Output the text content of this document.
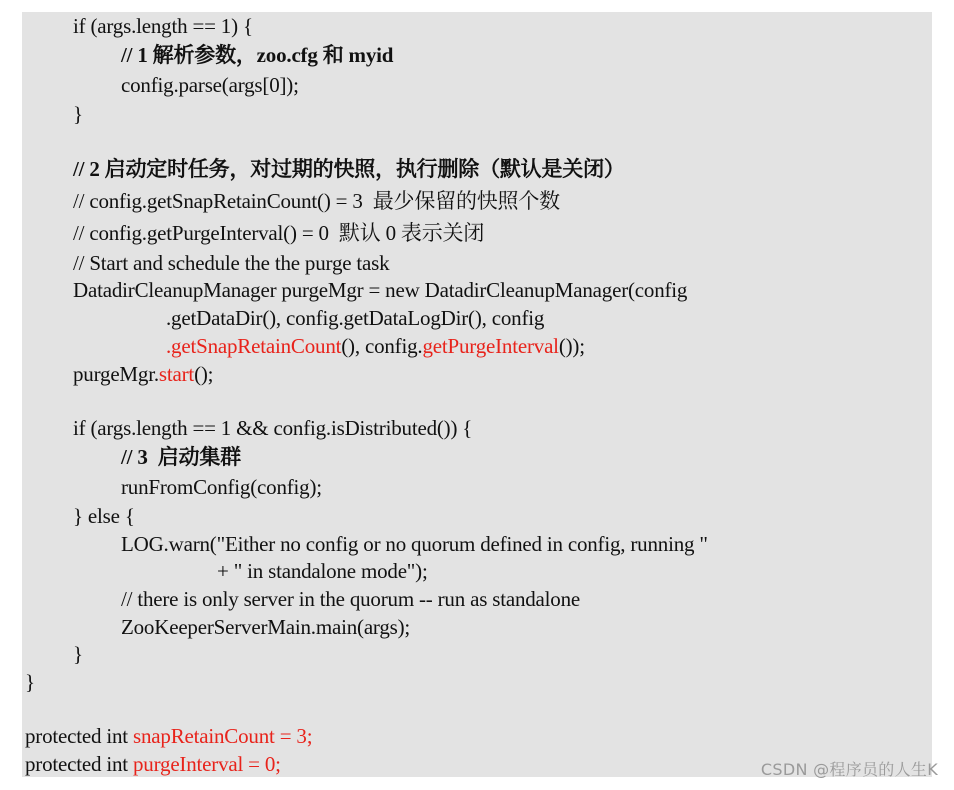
if (args.length == 1) {
// 1 解析参数，zoo.cfg 和 myid
config.parse(args[0]);
}
// 2 启动定时任务，对过期的快照，执行删除（默认是关闭）
// config.getSnapRetainCount() = 3  最少保留的快照个数
// config.getPurgeInterval() = 0  默认 0 表示关闭
// Start and schedule the the purge task
DatadirCleanupManager purgeMgr = new DatadirCleanupManager(config
.getDataDir(), config.getDataLogDir(), config
.getSnapRetainCount(), config.getPurgeInterval());
purgeMgr.start();
if (args.length == 1 && config.isDistributed()) {
// 3  启动集群
runFromConfig(config);
} else {
LOG.warn("Either no config or no quorum defined in config, running "
+ " in standalone mode");
// there is only server in the quorum -- run as standalone
ZooKeeperServerMain.main(args);
}
}
protected int snapRetainCount = 3;
protected int purgeInterval = 0;	CSDN @程序员的人生K
